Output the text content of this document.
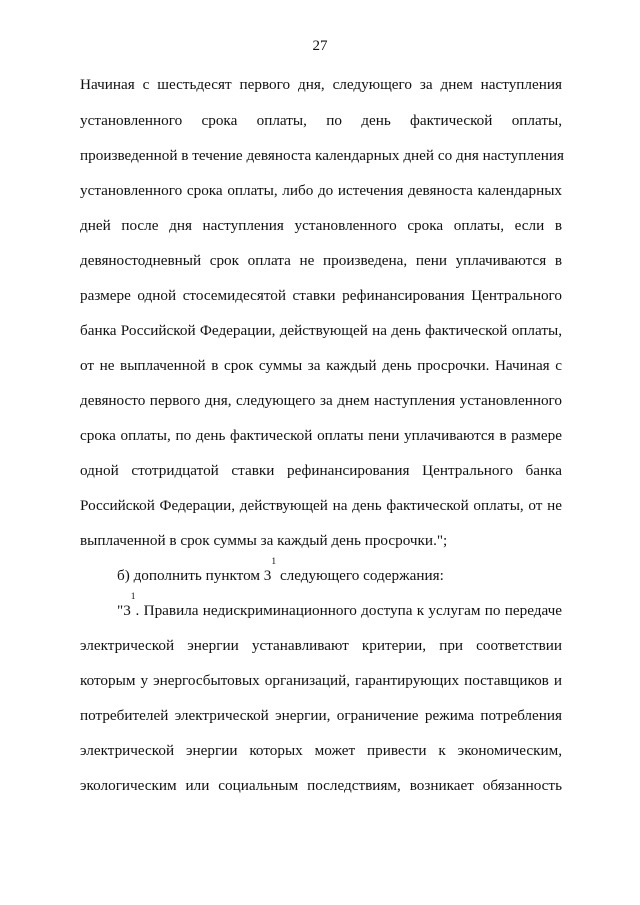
27
Начиная с шестьдесят первого дня, следующего за днем наступления
установленного срока оплаты, по день фактической оплаты,
произведенной в течение девяноста календарных дней со дня наступления
установленного срока оплаты, либо до истечения девяноста календарных
дней после дня наступления установленного срока оплаты, если в
девяностодневный срок оплата не произведена, пени уплачиваются в
размере одной стосемидесятой ставки рефинансирования Центрального
банка Российской Федерации, действующей на день фактической оплаты,
от не выплаченной в срок суммы за каждый день просрочки. Начиная с
девяносто первого дня, следующего за днем наступления установленного
срока оплаты, по день фактической оплаты пени уплачиваются в размере
одной стотридцатой ставки рефинансирования Центрального банка
Российской Федерации, действующей на день фактической оплаты, от не
выплаченной в срок суммы за каждый день просрочки.";
б) дополнить пунктом $3^1$ следующего содержания:
"$3^1$. Правила недискриминационного доступа к услугам по передаче
электрической энергии устанавливают критерии, при соответствии
которым у энергосбытовых организаций, гарантирующих поставщиков и
потребителей электрической энергии, ограничение режима потребления
электрической энергии которых может привести к экономическим,
экологическим или социальным последствиям, возникает обязанность
